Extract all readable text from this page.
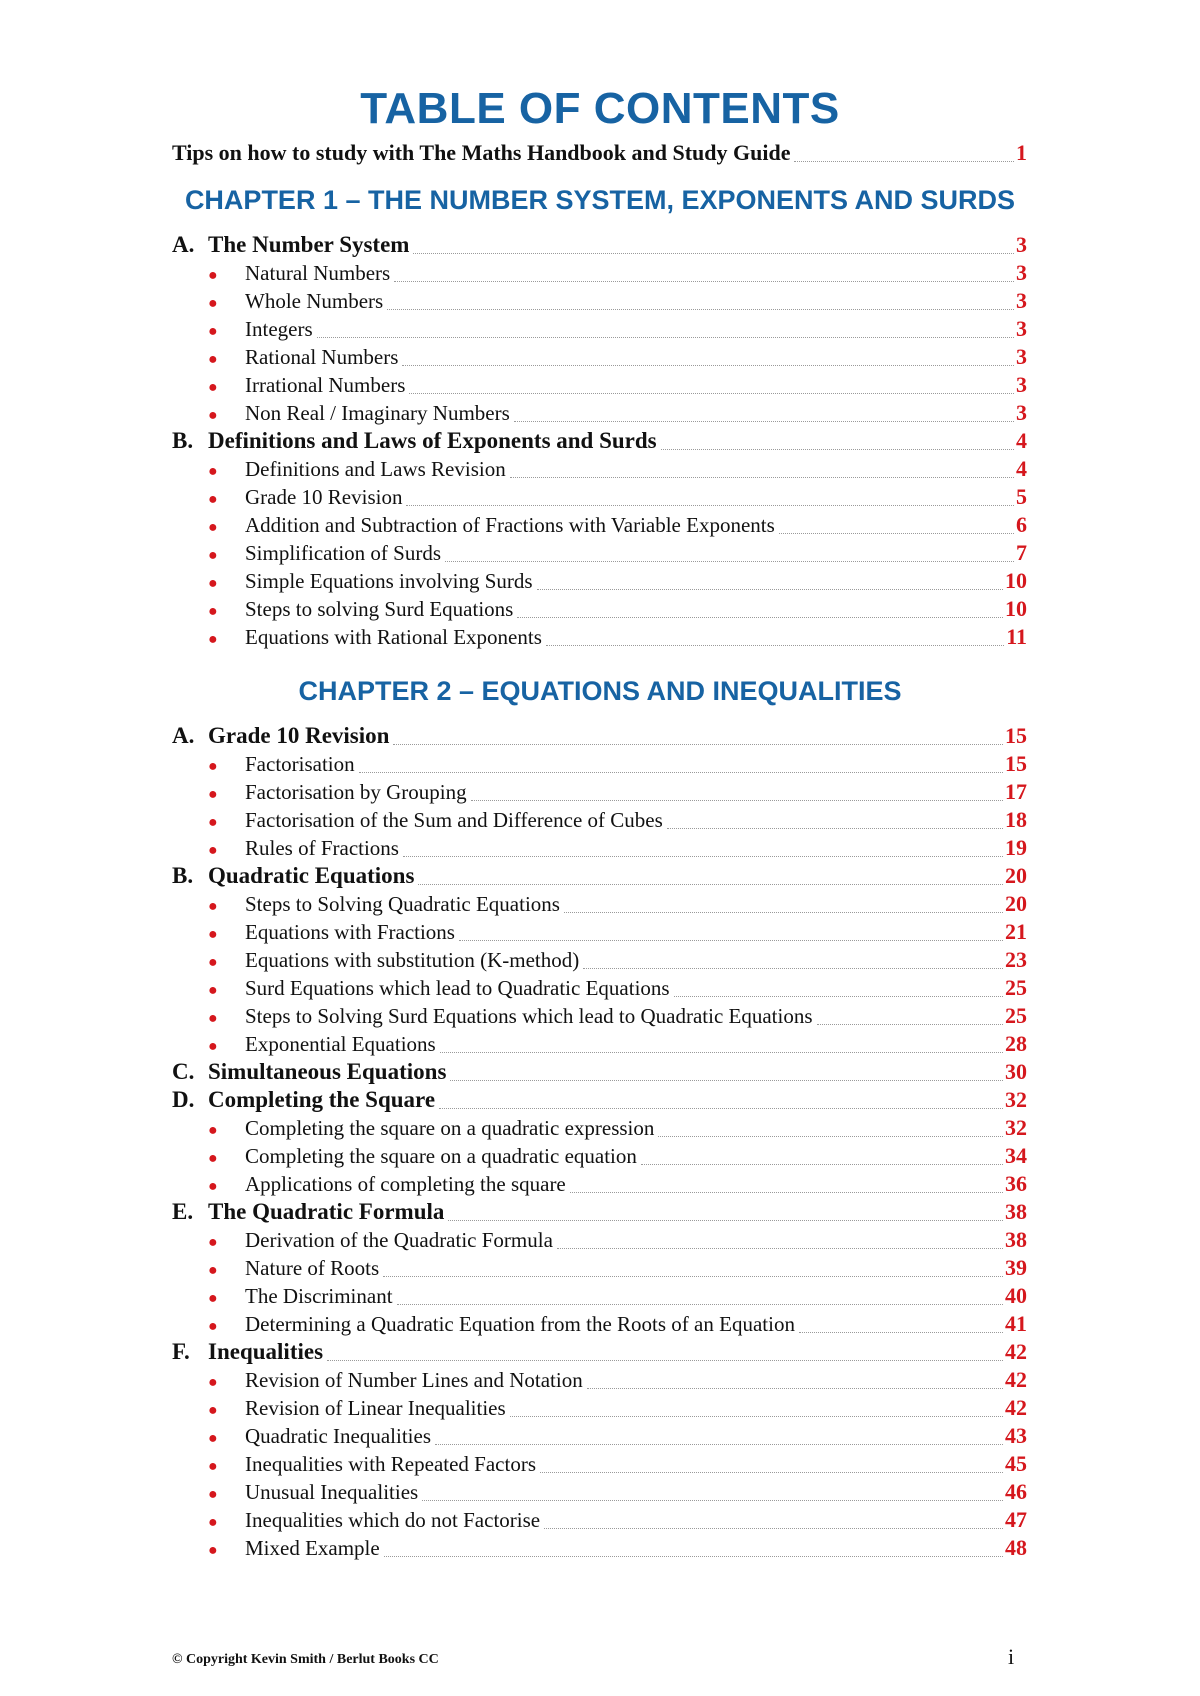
TABLE OF CONTENTS
Tips on how to study with The Maths Handbook and Study Guide	1
CHAPTER 1 – THE NUMBER SYSTEM, EXPONENTS AND SURDS
A. The Number System	3
●	Natural Numbers	3
●	Whole Numbers	3
●	Integers	3
●	Rational Numbers	3
●	Irrational Numbers	3
●	Non Real / Imaginary Numbers	3
B. Definitions and Laws of Exponents and Surds	4
●	Definitions and Laws Revision	4
●	Grade 10 Revision	5
●	Addition and Subtraction of Fractions with Variable Exponents	6
●	Simplification of Surds	7
●	Simple Equations involving Surds	10
●	Steps to solving Surd Equations	10
●	Equations with Rational Exponents	11
CHAPTER 2 – EQUATIONS AND INEQUALITIES
A. Grade 10 Revision	15
●	Factorisation	15
●	Factorisation by Grouping	17
●	Factorisation of the Sum and Difference of Cubes	18
●	Rules of Fractions	19
B. Quadratic Equations	20
●	Steps to Solving Quadratic Equations	20
●	Equations with Fractions	21
●	Equations with substitution (K-method)	23
●	Surd Equations which lead to Quadratic Equations	25
●	Steps to Solving Surd Equations which lead to Quadratic Equations	25
●	Exponential Equations	28
C. Simultaneous Equations	30
D. Completing the Square	32
●	Completing the square on a quadratic expression	32
●	Completing the square on a quadratic equation	34
●	Applications of completing the square	36
E. The Quadratic Formula	38
●	Derivation of the Quadratic Formula	38
●	Nature of Roots	39
●	The Discriminant	40
●	Determining a Quadratic Equation from the Roots of an Equation	41
F. Inequalities	42
●	Revision of Number Lines and Notation	42
●	Revision of Linear Inequalities	42
●	Quadratic Inequalities	43
●	Inequalities with Repeated Factors	45
●	Unusual Inequalities	46
●	Inequalities which do not Factorise	47
●	Mixed Example	48
© Copyright Kevin Smith / Berlut Books CC	i
